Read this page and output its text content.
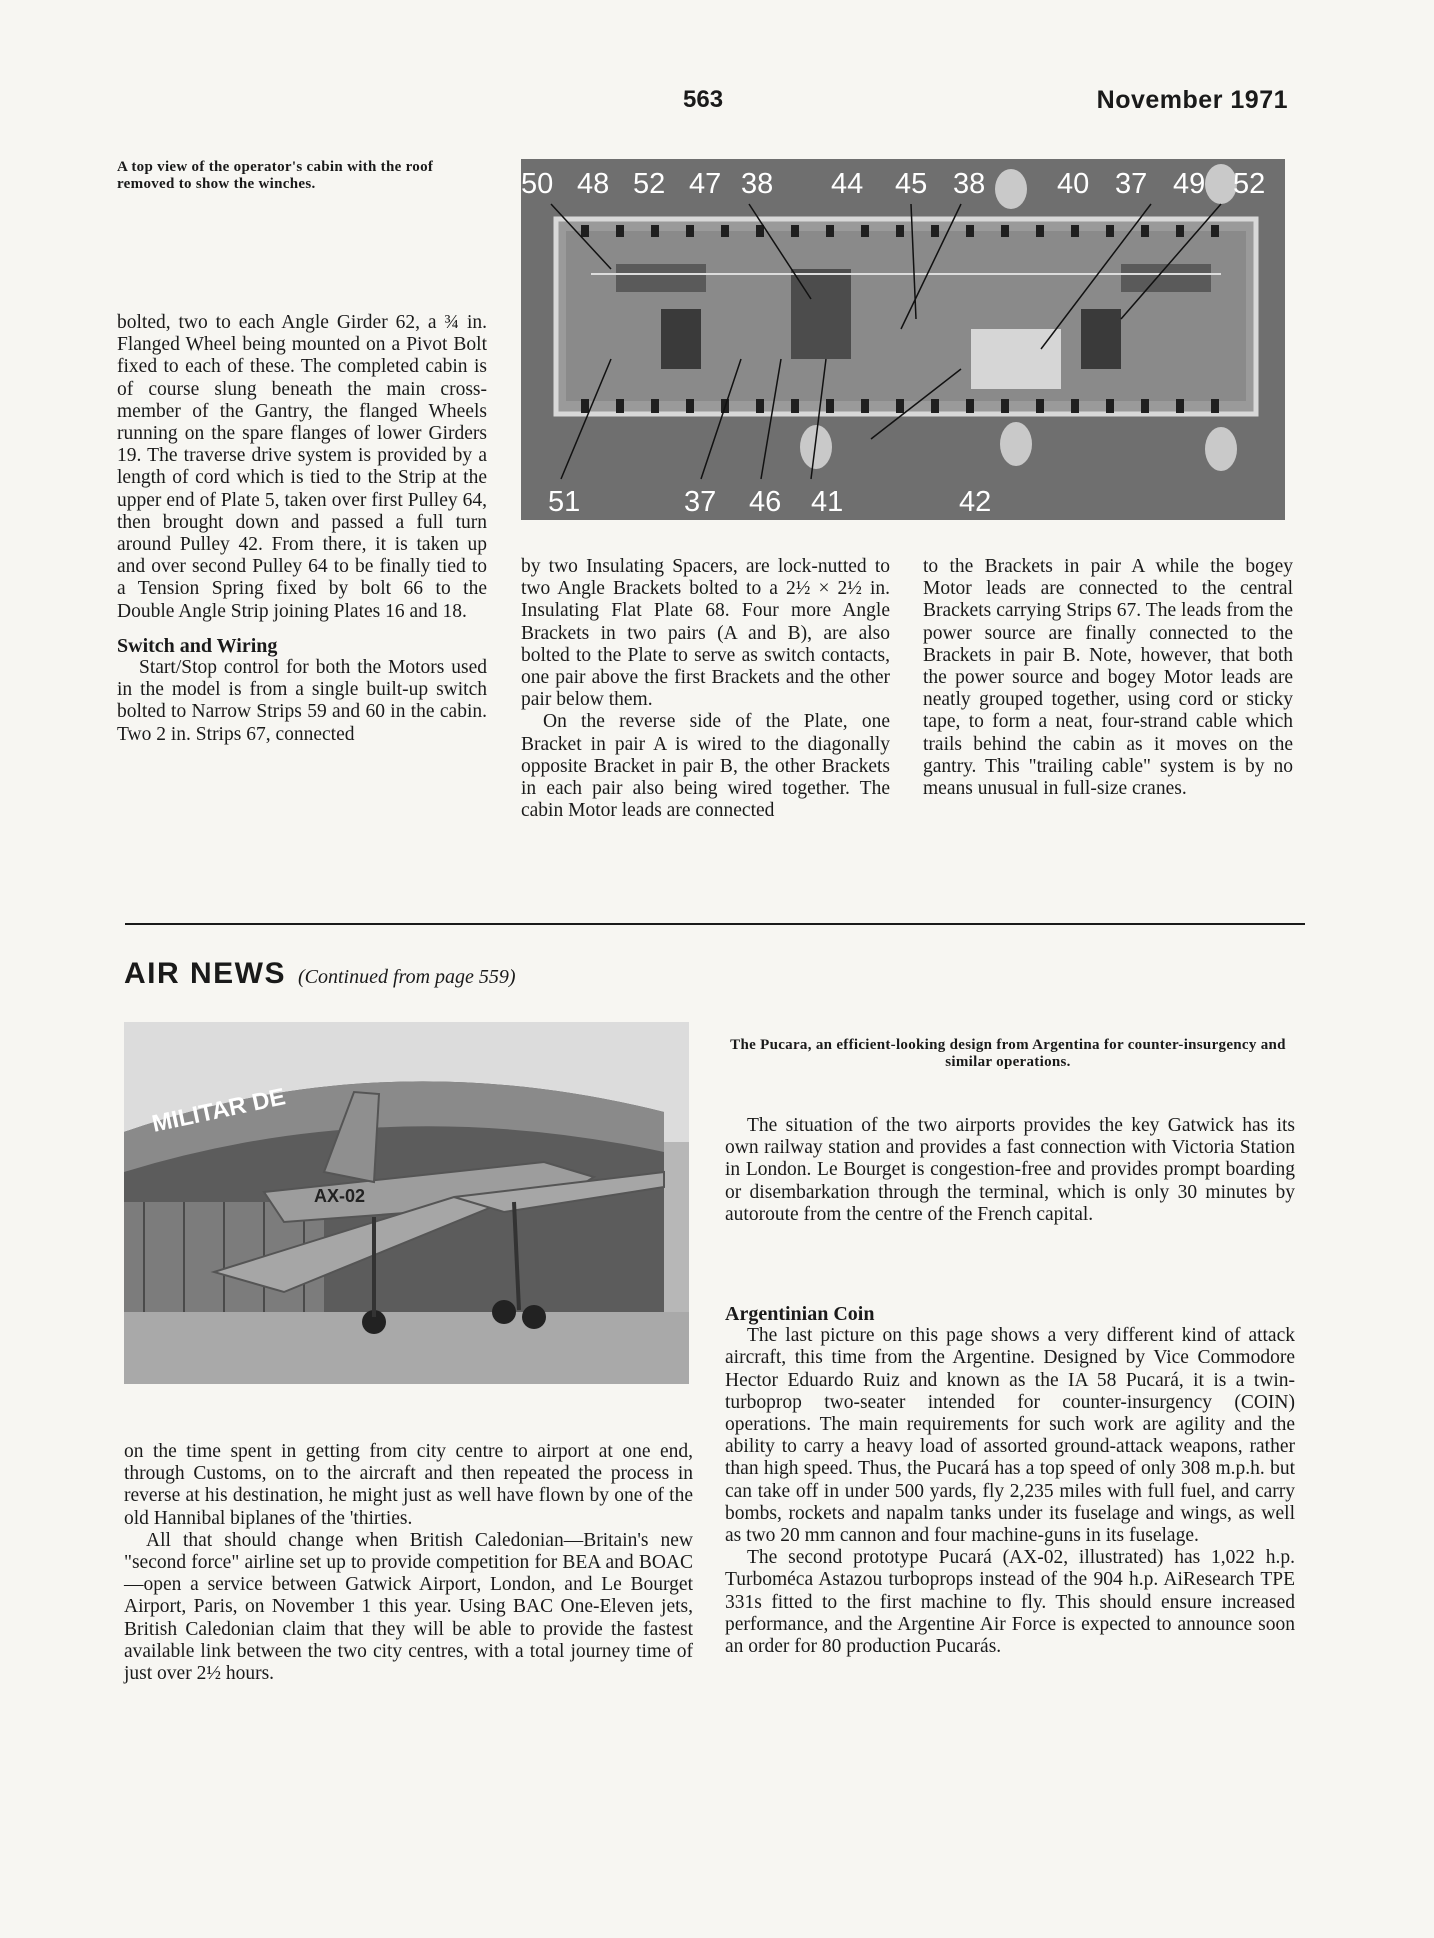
563	November 1971
A top view of the operator's cabin with the roof removed to show the winches.	50 48 52 47 38 44 45 38 40 37 49 52
51	37 46 41	42

bolted, two to each Angle Girder 62, a ¾ in. Flanged Wheel being mounted on a Pivot Bolt fixed to each of these. The completed cabin is of course slung beneath the main cross-member of the Gantry, the flanged Wheels running on the spare flanges of lower Girders 19. The traverse drive system is provided by a length of cord which is tied to the Strip at the upper end of Plate 5, taken over first Pulley 64, then brought down and passed a full turn around Pulley 42. From there, it is taken up and over second Pulley 64 to be finally tied to a Tension Spring fixed by bolt 66 to the Double Angle Strip joining Plates 16 and 18.

Switch and Wiring

Start/Stop control for both the Motors used in the model is from a single built-up switch bolted to Narrow Strips 59 and 60 in the cabin. Two 2 in. Strips 67, connected

by two Insulating Spacers, are lock-nutted to two Angle Brackets bolted to a 2½ × 2½ in. Insulating Flat Plate 68. Four more Angle Brackets in two pairs (A and B), are also bolted to the Plate to serve as switch contacts, one pair above the first Brackets and the other pair below them.

On the reverse side of the Plate, one Bracket in pair A is wired to the diagonally opposite Bracket in pair B, the other Brackets in each pair also being wired together. The cabin Motor leads are connected

to the Brackets in pair A while the bogey Motor leads are connected to the central Brackets carrying Strips 67. The leads from the power source are finally connected to the Brackets in pair B. Note, however, that both the power source and bogey Motor leads are neatly grouped together, using cord or sticky tape, to form a neat, four-strand cable which trails behind the cabin as it moves on the gantry. This "trailing cable" system is by no means unusual in full-size cranes.

AIR NEWS (Continued from page 559)
MILITAR DE
AX-02
The Pucara, an efficient-looking design from Argentina for counter-insurgency and similar operations.

on the time spent in getting from city centre to airport at one end, through Customs, on to the aircraft and then repeated the process in reverse at his destination, he might just as well have flown by one of the old Hannibal biplanes of the 'thirties.

All that should change when British Caledonian—Britain's new "second force" airline set up to provide competition for BEA and BOAC—open a service between Gatwick Airport, London, and Le Bourget Airport, Paris, on November 1 this year. Using BAC One-Eleven jets, British Caledonian claim that they will be able to provide the fastest available link between the two city centres, with a total journey time of just over 2½ hours.

The situation of the two airports provides the key Gatwick has its own railway station and provides a fast connection with Victoria Station in London. Le Bourget is congestion-free and provides prompt boarding or disembarkation through the terminal, which is only 30 minutes by autoroute from the centre of the French capital.

Argentinian Coin

The last picture on this page shows a very different kind of attack aircraft, this time from the Argentine. Designed by Vice Commodore Hector Eduardo Ruiz and known as the IA 58 Pucará, it is a twin-turboprop two-seater intended for counter-insurgency (COIN) operations. The main requirements for such work are agility and the ability to carry a heavy load of assorted ground-attack weapons, rather than high speed. Thus, the Pucará has a top speed of only 308 m.p.h. but can take off in under 500 yards, fly 2,235 miles with full fuel, and carry bombs, rockets and napalm tanks under its fuselage and wings, as well as two 20 mm cannon and four machine-guns in its fuselage.

The second prototype Pucará (AX-02, illustrated) has 1,022 h.p. Turboméca Astazou turboprops instead of the 904 h.p. AiResearch TPE 331s fitted to the first machine to fly. This should ensure increased performance, and the Argentine Air Force is expected to announce soon an order for 80 production Pucarás.
